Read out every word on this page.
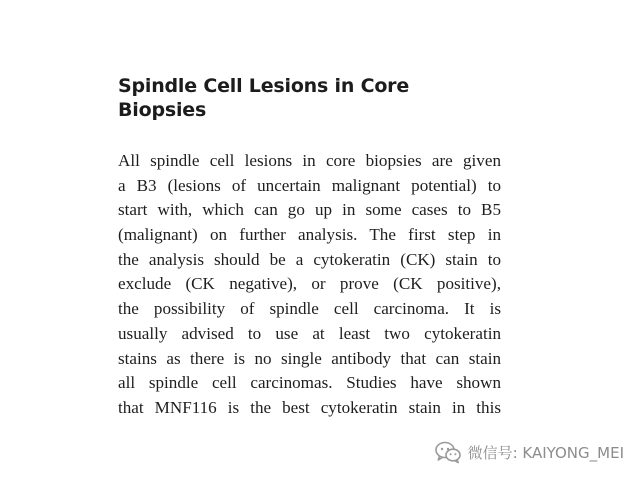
Spindle Cell Lesions in Core
Biopsies
All spindle cell lesions in core biopsies are given
a B3 (lesions of uncertain malignant potential) to
start with, which can go up in some cases to B5
(malignant) on further analysis. The first step in
the analysis should be a cytokeratin (CK) stain to
exclude (CK negative), or prove (CK positive),
the possibility of spindle cell carcinoma. It is
usually advised to use at least two cytokeratin
stains as there is no single antibody that can stain
all spindle cell carcinomas. Studies have shown
that MNF116 is the best cytokeratin stain in this
微信号: KAIYONG_MEI
